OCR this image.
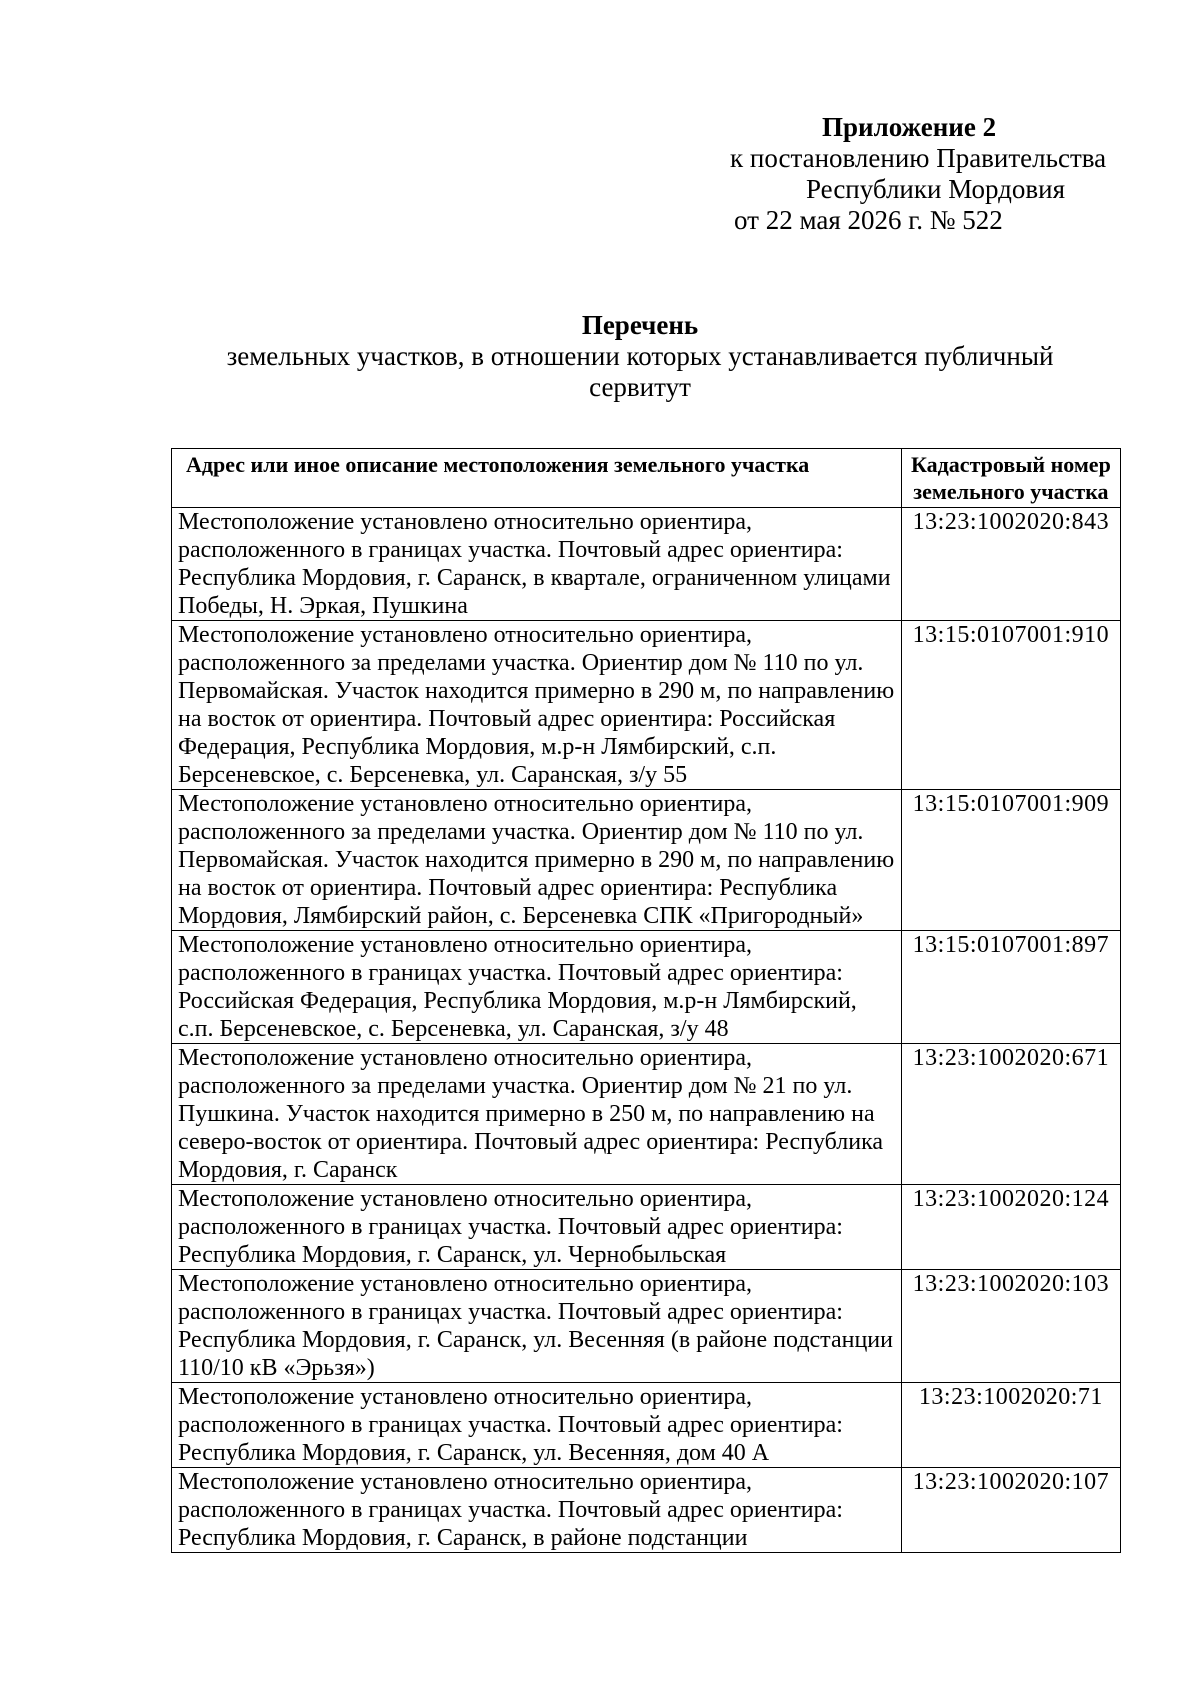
Приложение 2
к постановлению Правительства
Республики Мордовия
от 22 мая 2026 г. № 522
Перечень
земельных участков, в отношении которых устанавливается публичный сервитут
Адрес или иное описание местоположения земельного участка	Кадастровый номер земельного участка
Местоположение установлено относительно ориентира, расположенного в границах участка. Почтовый адрес ориентира: Республика Мордовия, г. Саранск, в квартале, ограниченном улицами Победы, Н. Эркая, Пушкина	13:23:1002020:843
Местоположение установлено относительно ориентира, расположенного за пределами участка. Ориентир дом № 110 по ул. Первомайская. Участок находится примерно в 290 м, по направлению на восток от ориентира. Почтовый адрес ориентира: Российская Федерация, Республика Мордовия, м.р-н Лямбирский, с.п. Берсеневское, с. Берсеневка, ул. Саранская, з/у 55	13:15:0107001:910
Местоположение установлено относительно ориентира, расположенного за пределами участка. Ориентир дом № 110 по ул. Первомайская. Участок находится примерно в 290 м, по направлению на восток от ориентира. Почтовый адрес ориентира: Республика Мордовия, Лямбирский район, с. Берсеневка СПК «Пригородный»	13:15:0107001:909
Местоположение установлено относительно ориентира, расположенного в границах участка. Почтовый адрес ориентира: Российская Федерация, Республика Мордовия, м.р-н Лямбирский, с.п. Берсеневское, с. Берсеневка, ул. Саранская, з/у 48	13:15:0107001:897
Местоположение установлено относительно ориентира, расположенного за пределами участка. Ориентир дом № 21 по ул. Пушкина. Участок находится примерно в 250 м, по направлению на северо-восток от ориентира. Почтовый адрес ориентира: Республика Мордовия, г. Саранск	13:23:1002020:671
Местоположение установлено относительно ориентира, расположенного в границах участка. Почтовый адрес ориентира: Республика Мордовия, г. Саранск, ул. Чернобыльская	13:23:1002020:124
Местоположение установлено относительно ориентира, расположенного в границах участка. Почтовый адрес ориентира: Республика Мордовия, г. Саранск, ул. Весенняя (в районе подстанции 110/10 кВ «Эрьзя»)	13:23:1002020:103
Местоположение установлено относительно ориентира, расположенного в границах участка. Почтовый адрес ориентира: Республика Мордовия, г. Саранск, ул. Весенняя, дом 40 А	13:23:1002020:71
Местоположение установлено относительно ориентира, расположенного в границах участка. Почтовый адрес ориентира: Республика Мордовия, г. Саранск, в районе подстанции	13:23:1002020:107
